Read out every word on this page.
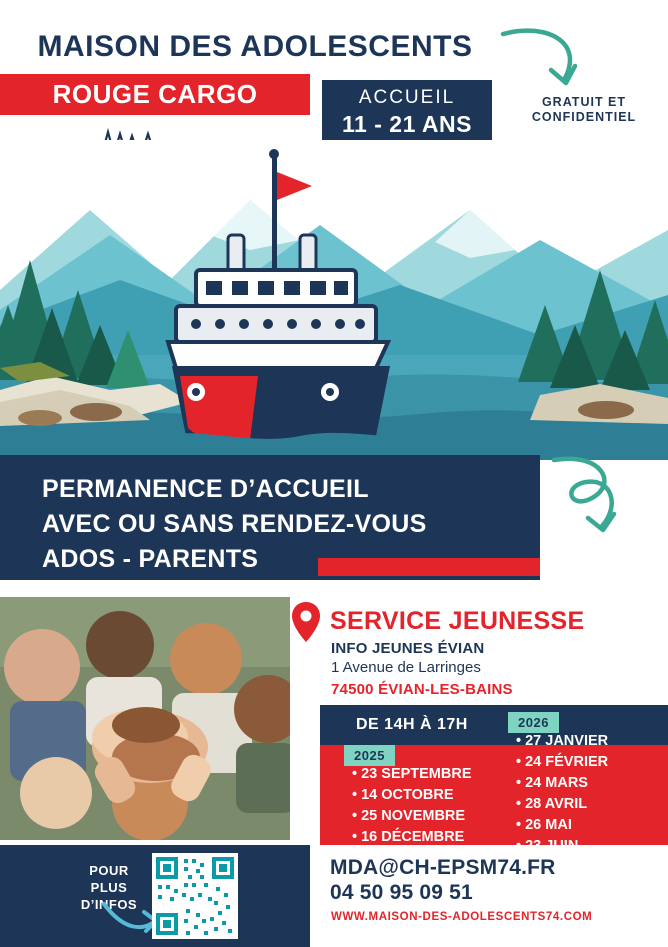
MAISON DES ADOLESCENTS
ROUGE CARGO	ACCUEIL
11 - 21 ANS
GRATUIT ET
CONFIDENTIEL
PERMANENCE D’ACCUEIL
AVEC OU SANS RENDEZ-VOUS
ADOS - PARENTS
SERVICE JEUNESSE
INFO JEUNES ÉVIAN
1 Avenue de Larringes
74500 ÉVIAN-LES-BAINS
DE 14H À 17H	2026
2025
• 23 SEPTEMBRE
• 14 OCTOBRE
• 25 NOVEMBRE
• 16 DÉCEMBRE
• 27 JANVIER
• 24 FÉVRIER
• 24 MARS
• 28 AVRIL
• 26 MAI
• 23 JUIN
POUR
PLUS D’INFOS
MDA@CH-EPSM74.FR
04 50 95 09 51
WWW.MAISON-DES-ADOLESCENTS74.COM
